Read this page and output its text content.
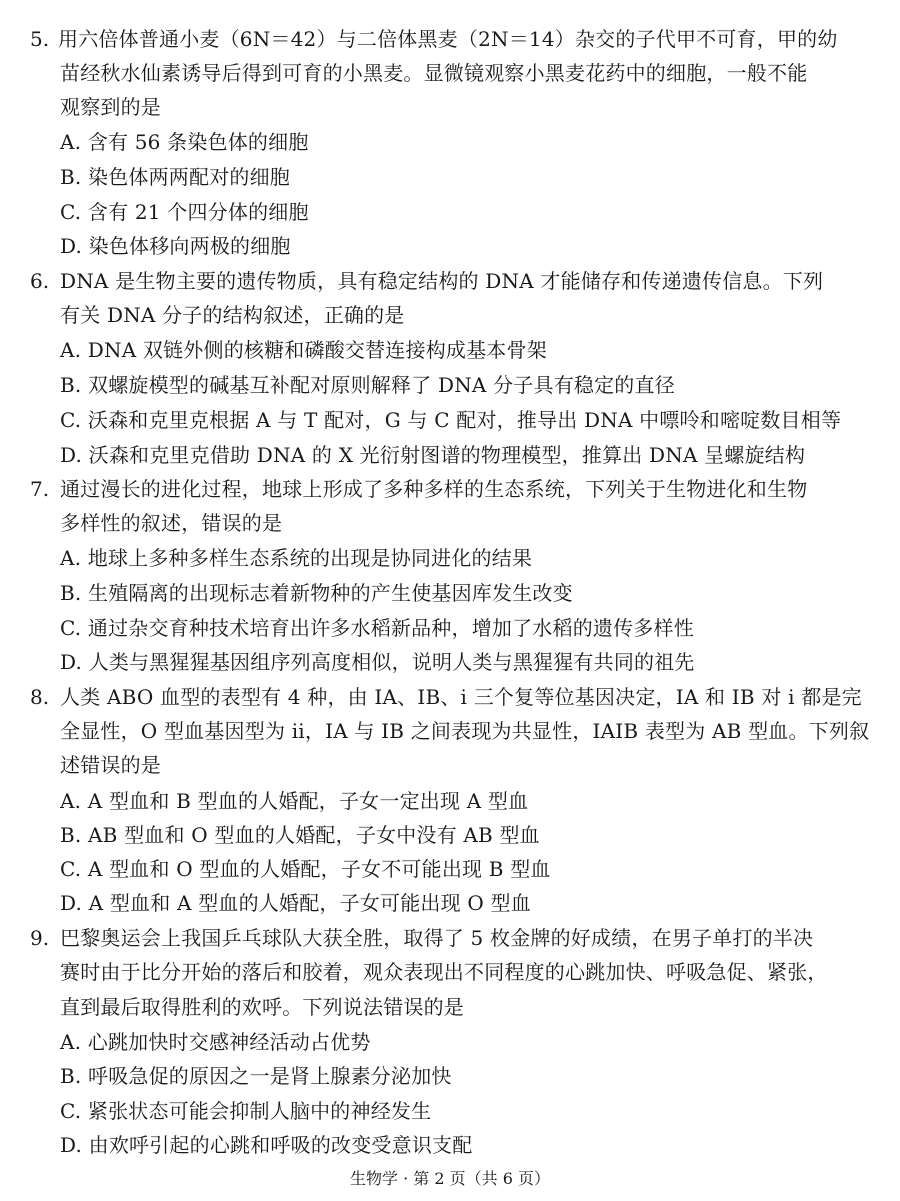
5. 用六倍体普通小麦（6N＝42）与二倍体黑麦（2N＝14）杂交的子代甲不可育，甲的幼
苗经秋水仙素诱导后得到可育的小黑麦。显微镜观察小黑麦花药中的细胞，一般不能
观察到的是
A. 含有 56 条染色体的细胞
B. 染色体两两配对的细胞
C. 含有 21 个四分体的细胞
D. 染色体移向两极的细胞
6. DNA 是生物主要的遗传物质，具有稳定结构的 DNA 才能储存和传递遗传信息。下列
有关 DNA 分子的结构叙述，正确的是
A. DNA 双链外侧的核糖和磷酸交替连接构成基本骨架
B. 双螺旋模型的碱基互补配对原则解释了 DNA 分子具有稳定的直径
C. 沃森和克里克根据 A 与 T 配对，G 与 C 配对，推导出 DNA 中嘌呤和嘧啶数目相等
D. 沃森和克里克借助 DNA 的 X 光衍射图谱的物理模型，推算出 DNA 呈螺旋结构
7. 通过漫长的进化过程，地球上形成了多种多样的生态系统，下列关于生物进化和生物
多样性的叙述，错误的是
A. 地球上多种多样生态系统的出现是协同进化的结果
B. 生殖隔离的出现标志着新物种的产生使基因库发生改变
C. 通过杂交育种技术培育出许多水稻新品种，增加了水稻的遗传多样性
D. 人类与黑猩猩基因组序列高度相似，说明人类与黑猩猩有共同的祖先
8. 人类 ABO 血型的表型有 4 种，由 IA、IB、i 三个复等位基因决定，IA 和 IB 对 i 都是完
全显性，O 型血基因型为 ii，IA 与 IB 之间表现为共显性，IAIB 表型为 AB 型血。下列叙
述错误的是
A. A 型血和 B 型血的人婚配，子女一定出现 A 型血
B. AB 型血和 O 型血的人婚配，子女中没有 AB 型血
C. A 型血和 O 型血的人婚配，子女不可能出现 B 型血
D. A 型血和 A 型血的人婚配，子女可能出现 O 型血
9. 巴黎奥运会上我国乒乓球队大获全胜，取得了 5 枚金牌的好成绩，在男子单打的半决
赛时由于比分开始的落后和胶着，观众表现出不同程度的心跳加快、呼吸急促、紧张，
直到最后取得胜利的欢呼。下列说法错误的是
A. 心跳加快时交感神经活动占优势
B. 呼吸急促的原因之一是肾上腺素分泌加快
C. 紧张状态可能会抑制人脑中的神经发生
D. 由欢呼引起的心跳和呼吸的改变受意识支配
生物学 · 第 2 页（共 6 页）
